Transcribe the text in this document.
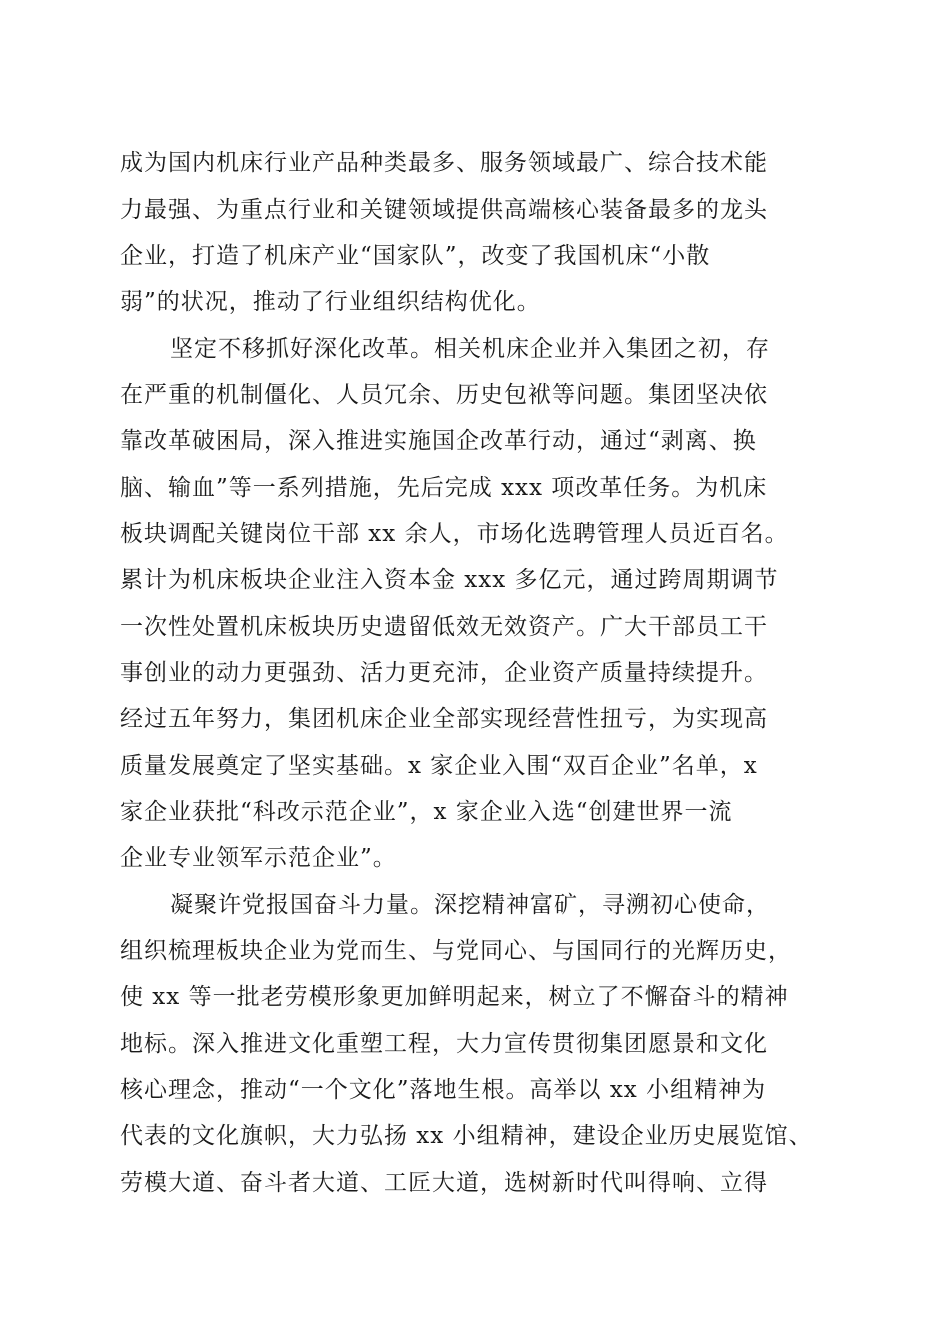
成为国内机床行业产品种类最多、服务领域最广、综合技术能
力最强、为重点行业和关键领域提供高端核心装备最多的龙头
企业，打造了机床产业“国家队”，改变了我国机床“小散
弱”的状况，推动了行业组织结构优化。
坚定不移抓好深化改革。相关机床企业并入集团之初，存
在严重的机制僵化、人员冗余、历史包袱等问题。集团坚决依
靠改革破困局，深入推进实施国企改革行动，通过“剥离、换
脑、输血”等一系列措施，先后完成 xxx 项改革任务。为机床
板块调配关键岗位干部 xx 余人，市场化选聘管理人员近百名。
累计为机床板块企业注入资本金 xxx 多亿元，通过跨周期调节
一次性处置机床板块历史遗留低效无效资产。广大干部员工干
事创业的动力更强劲、活力更充沛，企业资产质量持续提升。
经过五年努力，集团机床企业全部实现经营性扭亏，为实现高
质量发展奠定了坚实基础。x 家企业入围“双百企业”名单，x
家企业获批“科改示范企业”，x 家企业入选“创建世界一流
企业专业领军示范企业”。
凝聚许党报国奋斗力量。深挖精神富矿，寻溯初心使命，
组织梳理板块企业为党而生、与党同心、与国同行的光辉历史，
使 xx 等一批老劳模形象更加鲜明起来，树立了不懈奋斗的精神
地标。深入推进文化重塑工程，大力宣传贯彻集团愿景和文化
核心理念，推动“一个文化”落地生根。高举以 xx 小组精神为
代表的文化旗帜，大力弘扬 xx 小组精神，建设企业历史展览馆、
劳模大道、奋斗者大道、工匠大道，选树新时代叫得响、立得
